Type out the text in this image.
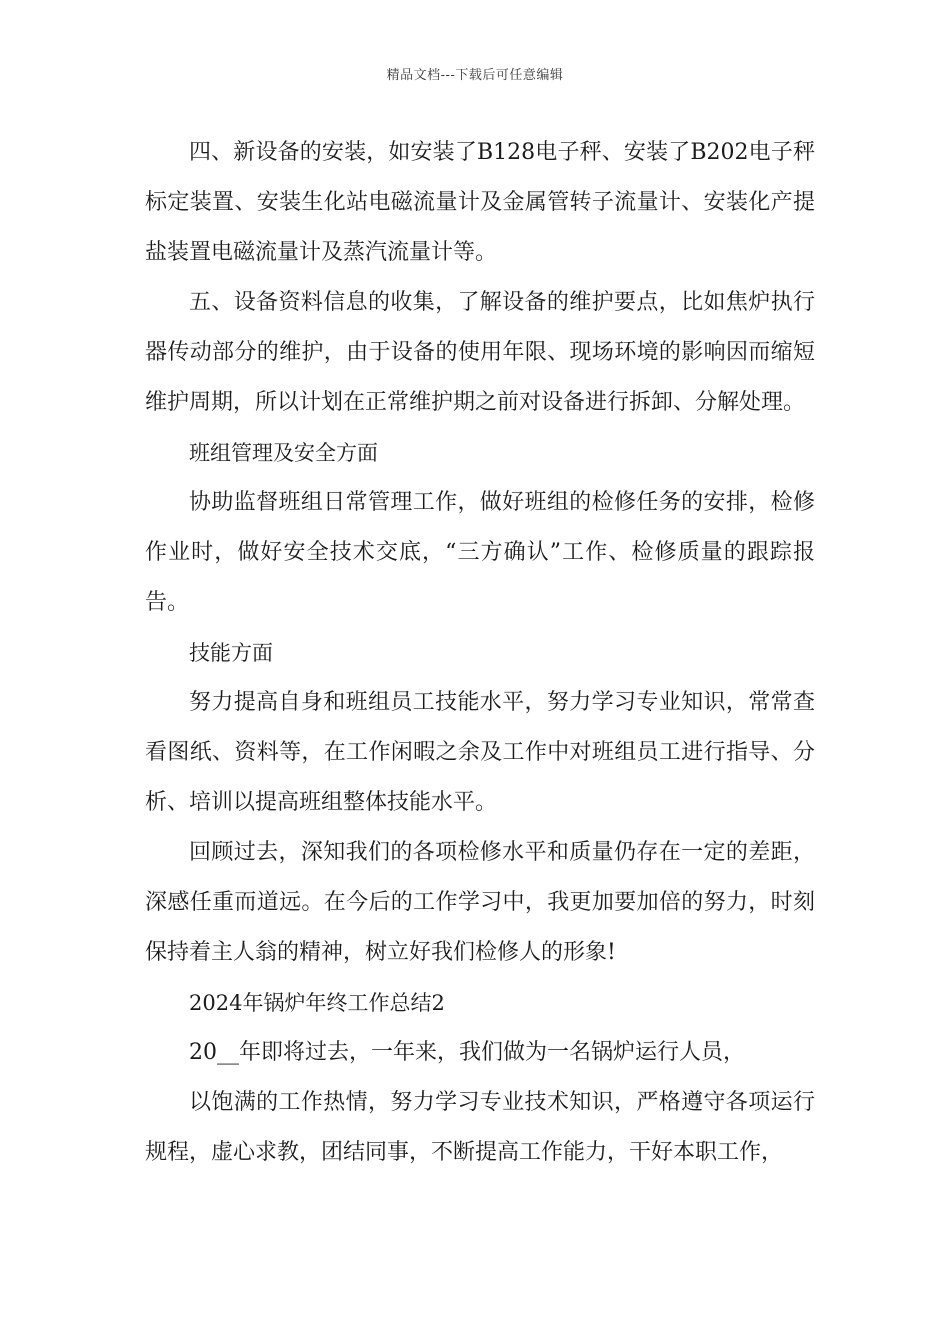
精品文档---下载后可任意编辑

四、新设备的安装，如安装了B128电子秤、安装了B202电子秤标定装置、安装生化站电磁流量计及金属管转子流量计、安装化产提盐装置电磁流量计及蒸汽流量计等。

五、设备资料信息的收集，了解设备的维护要点，比如焦炉执行器传动部分的维护，由于设备的使用年限、现场环境的影响因而缩短维护周期，所以计划在正常维护期之前对设备进行拆卸、分解处理。

班组管理及安全方面

协助监督班组日常管理工作，做好班组的检修任务的安排，检修作业时，做好安全技术交底，“三方确认”工作、检修质量的跟踪报告。

技能方面

努力提高自身和班组员工技能水平，努力学习专业知识，常常查看图纸、资料等，在工作闲暇之余及工作中对班组员工进行指导、分析、培训以提高班组整体技能水平。

回顾过去，深知我们的各项检修水平和质量仍存在一定的差距，深感任重而道远。在今后的工作学习中，我更加要加倍的努力，时刻保持着主人翁的精神，树立好我们检修人的形象!

2024年锅炉年终工作总结2

20__年即将过去，一年来，我们做为一名锅炉运行人员，

以饱满的工作热情，努力学习专业技术知识，严格遵守各项运行规程，虚心求教，团结同事，不断提高工作能力，干好本职工作，
